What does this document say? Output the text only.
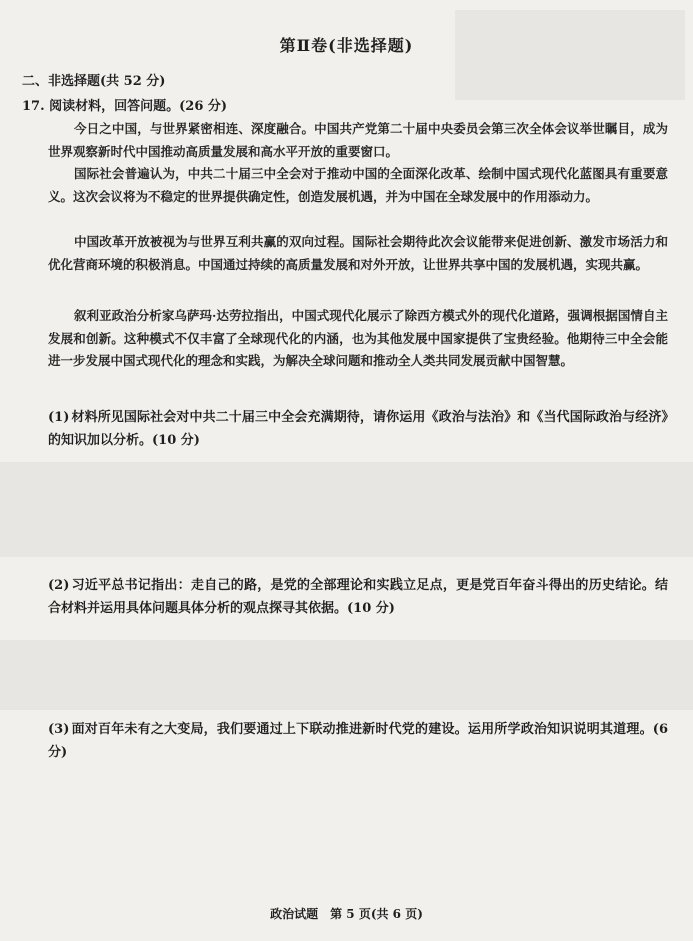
第Ⅱ卷(非选择题)
二、非选择题(共 52 分)
17. 阅读材料，回答问题。(26 分)
今日之中国，与世界紧密相连、深度融合。中国共产党第二十届中央委员会第三次全体会议举世瞩目，成为世界观察新时代中国推动高质量发展和高水平开放的重要窗口。
国际社会普遍认为，中共二十届三中全会对于推动中国的全面深化改革、绘制中国式现代化蓝图具有重要意义。这次会议将为不稳定的世界提供确定性，创造发展机遇，并为中国在全球发展中的作用添动力。
中国改革开放被视为与世界互利共赢的双向过程。国际社会期待此次会议能带来促进创新、激发市场活力和优化营商环境的积极消息。中国通过持续的高质量发展和对外开放，让世界共享中国的发展机遇，实现共赢。
叙利亚政治分析家乌萨玛·达劳拉指出，中国式现代化展示了除西方模式外的现代化道路，强调根据国情自主发展和创新。这种模式不仅丰富了全球现代化的内涵，也为其他发展中国家提供了宝贵经验。他期待三中全会能进一步发展中国式现代化的理念和实践，为解决全球问题和推动全人类共同发展贡献中国智慧。
(1) 材料所见国际社会对中共二十届三中全会充满期待，请你运用《政治与法治》和《当代国际政治与经济》的知识加以分析。(10 分)
(2) 习近平总书记指出：走自己的路，是党的全部理论和实践立足点，更是党百年奋斗得出的历史结论。结合材料并运用具体问题具体分析的观点探寻其依据。(10 分)
(3) 面对百年未有之大变局，我们要通过上下联动推进新时代党的建设。运用所学政治知识说明其道理。(6 分)
政治试题　第 5 页(共 6 页)
